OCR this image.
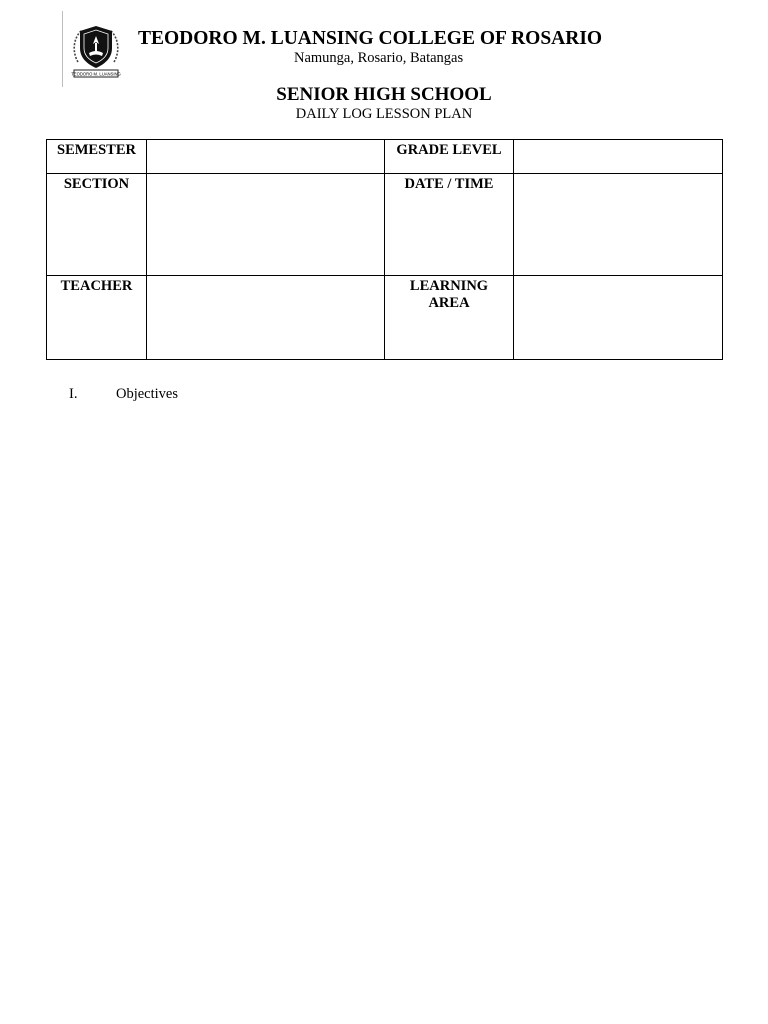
TEODORO M. LUANSING
TEODORO M. LUANSING COLLEGE OF ROSARIO
Namunga, Rosario, Batangas
SENIOR HIGH SCHOOL
DAILY LOG LESSON PLAN
SEMESTER		GRADE LEVEL	
SECTION		DATE / TIME	
TEACHER		LEARNING AREA	
I.	Objectives
